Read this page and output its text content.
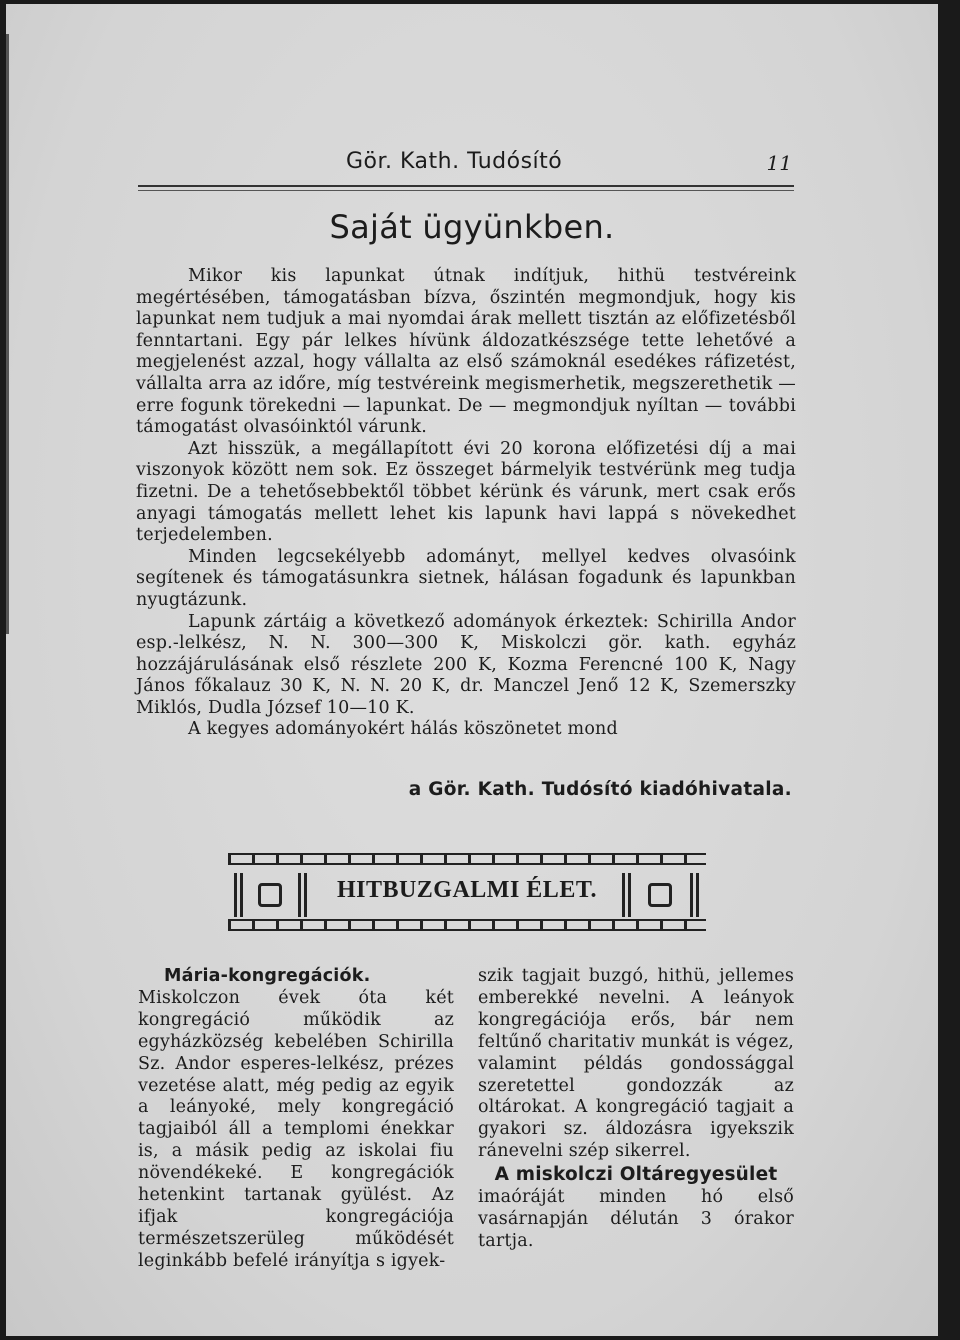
Gör. Kath. Tudósító	11
Saját ügyünkben.

Mikor kis lapunkat útnak indítjuk, hithü testvéreink megértésében, támogatásban bízva, őszintén megmondjuk, hogy kis lapunkat nem tudjuk a mai nyomdai árak mellett tisztán az előfizetésből fenntartani. Egy pár lelkes hívünk áldozatkészsége tette lehetővé a megjelenést azzal, hogy vállalta az első számoknál esedékes ráfizetést, vállalta arra az időre, míg testvéreink megismerhetik, megszerethetik — erre fogunk törekedni — lapunkat. De — megmondjuk nyíltan — további támogatást olvasóinktól várunk.

Azt hisszük, a megállapított évi 20 korona előfizetési díj a mai viszonyok között nem sok. Ez összeget bármelyik testvérünk meg tudja fizetni. De a tehetősebbektől többet kérünk és várunk, mert csak erős anyagi támogatás mellett lehet kis lapunk havi lappá s növekedhet terjedelemben.

Minden legcsekélyebb adományt, mellyel kedves olvasóink segítenek és támogatásunkra sietnek, hálásan fogadunk és lapunkban nyugtázunk.

Lapunk zártáig a következő adományok érkeztek: Schirilla Andor esp.-lelkész, N. N. 300—300 K, Miskolczi gör. kath. egyház hozzájárulásának első részlete 200 K, Kozma Ferencné 100 K, Nagy János főkalauz 30 K, N. N. 20 K, dr. Manczel Jenő 12 K, Szemerszky Miklós, Dudla József 10—10 K.

A kegyes adományokért hálás köszönetet mond

a Gör. Kath. Tudósító kiadóhivatala.
HITBUZGALMI ÉLET.

Mária-kongregációk. Miskolczon évek óta két kongregáció működik az egyházközség kebelében Schirilla Sz. Andor esperes-lelkész, prézes vezetése alatt, még pedig az egyik a leányoké, mely kongregáció tagjaiból áll a templomi énekkar is, a másik pedig az iskolai fiu növendékeké. E kongregációk hetenkint tartanak gyülést. Az ifjak kongregációja természetszerüleg működését leginkább befelé irányítja s igyek-

szik tagjait buzgó, hithü, jellemes emberekké nevelni. A leányok kongregációja erős, bár nem feltűnő charitativ munkát is végez, valamint példás gondossággal szeretettel gondozzák az oltárokat. A kongregáció tagjait a gyakori sz. áldozásra igyekszik ránevelni szép sikerrel.

A miskolczi Oltáregyesület

imaóráját minden hó első vasárnapján délután 3 órakor tartja.
